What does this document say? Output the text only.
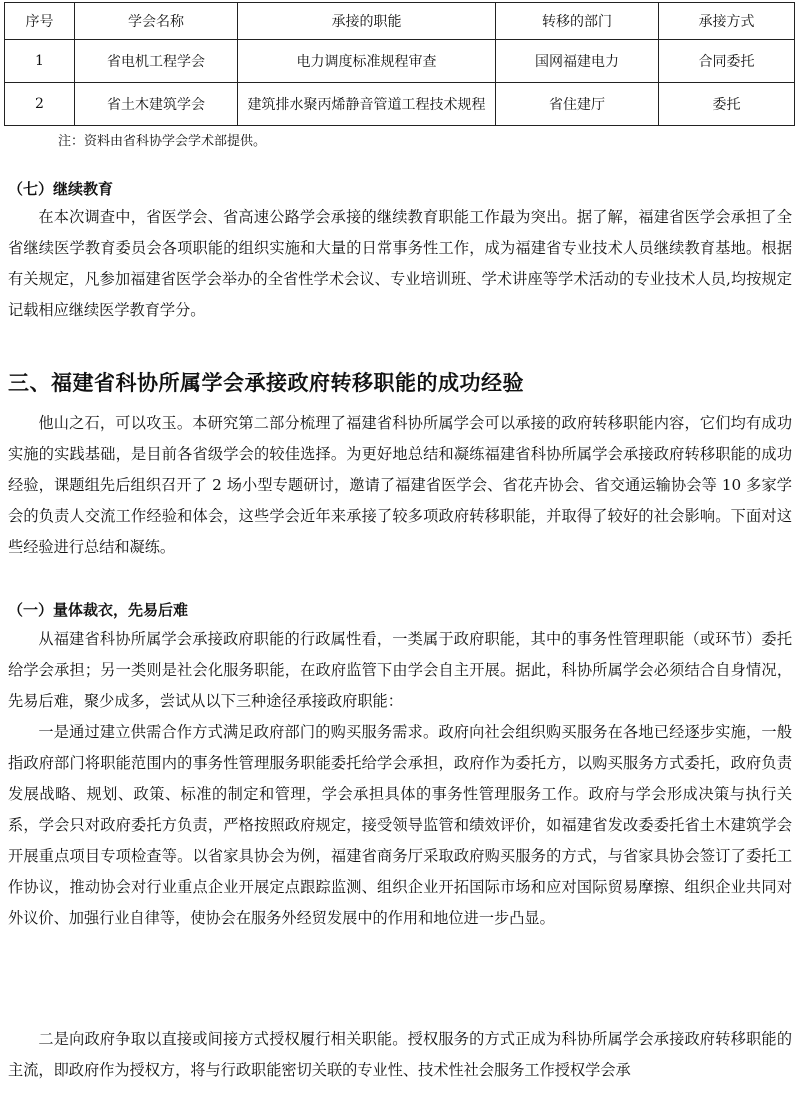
序号	学会名称	承接的职能	转移的部门	承接方式
1	省电机工程学会	电力调度标准规程审查	国网福建电力	合同委托
2	省土木建筑学会	建筑排水聚丙烯静音管道工程技术规程	省住建厅	委托
注：资料由省科协学会学术部提供。
（七）继续教育

在本次调查中，省医学会、省高速公路学会承接的继续教育职能工作最为突出。据了解，福建省医学会承担了全省继续医学教育委员会各项职能的组织实施和大量的日常事务性工作，成为福建省专业技术人员继续教育基地。根据有关规定，凡参加福建省医学会举办的全省性学术会议、专业培训班、学术讲座等学术活动的专业技术人员,均按规定记载相应继续医学教育学分。

三、福建省科协所属学会承接政府转移职能的成功经验

他山之石，可以攻玉。本研究第二部分梳理了福建省科协所属学会可以承接的政府转移职能内容，它们均有成功实施的实践基础，是目前各省级学会的较佳选择。为更好地总结和凝练福建省科协所属学会承接政府转移职能的成功经验，课题组先后组织召开了 2 场小型专题研讨，邀请了福建省医学会、省花卉协会、省交通运输协会等 10 多家学会的负责人交流工作经验和体会，这些学会近年来承接了较多项政府转移职能，并取得了较好的社会影响。下面对这些经验进行总结和凝练。

（一）量体裁衣，先易后难

从福建省科协所属学会承接政府职能的行政属性看，一类属于政府职能，其中的事务性管理职能（或环节）委托给学会承担；另一类则是社会化服务职能，在政府监管下由学会自主开展。据此，科协所属学会必须结合自身情况，先易后难，聚少成多，尝试从以下三种途径承接政府职能：

一是通过建立供需合作方式满足政府部门的购买服务需求。政府向社会组织购买服务在各地已经逐步实施，一般指政府部门将职能范围内的事务性管理服务职能委托给学会承担，政府作为委托方，以购买服务方式委托，政府负责发展战略、规划、政策、标准的制定和管理，学会承担具体的事务性管理服务工作。政府与学会形成决策与执行关系，学会只对政府委托方负责，严格按照政府规定，接受领导监管和绩效评价，如福建省发改委委托省土木建筑学会开展重点项目专项检查等。以省家具协会为例，福建省商务厅采取政府购买服务的方式，与省家具协会签订了委托工作协议，推动协会对行业重点企业开展定点跟踪监测、组织企业开拓国际市场和应对国际贸易摩擦、组织企业共同对外议价、加强行业自律等，使协会在服务外经贸发展中的作用和地位进一步凸显。

二是向政府争取以直接或间接方式授权履行相关职能。授权服务的方式正成为科协所属学会承接政府转移职能的主流，即政府作为授权方，将与行政职能密切关联的专业性、技术性社会服务工作授权学会承
